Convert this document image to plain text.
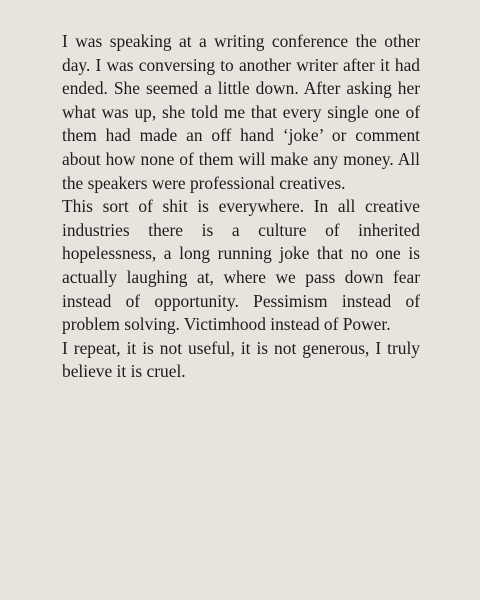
I was speaking at a writing conference the other day. I was conversing to another writer after it had ended. She seemed a little down. After asking her what was up, she told me that every single one of them had made an off hand ‘joke’ or comment about how none of them will make any money. All the speakers were professional creatives.

This sort of shit is everywhere. In all creative industries there is a culture of inherited hopelessness, a long running joke that no one is actually laughing at, where we pass down fear instead of opportunity. Pessimism instead of problem solving. Victimhood instead of Power.

I repeat, it is not useful, it is not generous, I truly believe it is cruel.
